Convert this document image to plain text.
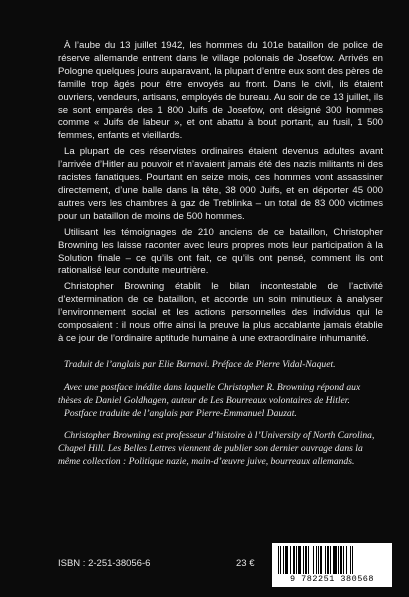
À l’aube du 13 juillet 1942, les hommes du 101e bataillon de police de réserve allemande entrent dans le village polonais de Josefow. Arrivés en Pologne quelques jours auparavant, la plupart d’entre eux sont des pères de famille trop âgés pour être envoyés au front. Dans le civil, ils étaient ouvriers, vendeurs, artisans, employés de bureau. Au soir de ce 13 juillet, ils se sont emparés des 1 800 Juifs de Josefow, ont désigné 300 hommes comme « Juifs de labeur », et ont abattu à bout portant, au fusil, 1 500 femmes, enfants et vieillards.

La plupart de ces réservistes ordinaires étaient devenus adultes avant l’arrivée d’Hitler au pouvoir et n’avaient jamais été des nazis militants ni des racistes fanatiques. Pourtant en seize mois, ces hommes vont assassiner directement, d’une balle dans la tête, 38 000 Juifs, et en déporter 45 000 autres vers les chambres à gaz de Treblinka – un total de 83 000 victimes pour un bataillon de moins de 500 hommes.

Utilisant les témoignages de 210 anciens de ce bataillon, Christopher Browning les laisse raconter avec leurs propres mots leur participation à la Solution finale – ce qu’ils ont fait, ce qu’ils ont pensé, comment ils ont rationalisé leur conduite meurtrière.

Christopher Browning établit le bilan incontestable de l’activité d’extermination de ce bataillon, et accorde un soin minutieux à analyser l’environnement social et les actions personnelles des individus qui le composaient : il nous offre ainsi la preuve la plus accablante jamais établie à ce jour de l’ordinaire aptitude humaine à une extraordinaire inhumanité.

Traduit de l’anglais par Elie Barnavi. Préface de Pierre Vidal-Naquet.

Avec une postface inédite dans laquelle Christopher R. Browning répond aux thèses de Daniel Goldhagen, auteur de Les Bourreaux volontaires de Hitler.

Postface traduite de l’anglais par Pierre-Emmanuel Dauzat.

Christopher Browning est professeur d’histoire à l’University of North Carolina, Chapel Hill. Les Belles Lettres viennent de publier son dernier ouvrage dans la même collection : Politique nazie, main-d’œuvre juive, bourreaux allemands.

ISBN : 2-251-38056-6	23 €
9 782251 380568
